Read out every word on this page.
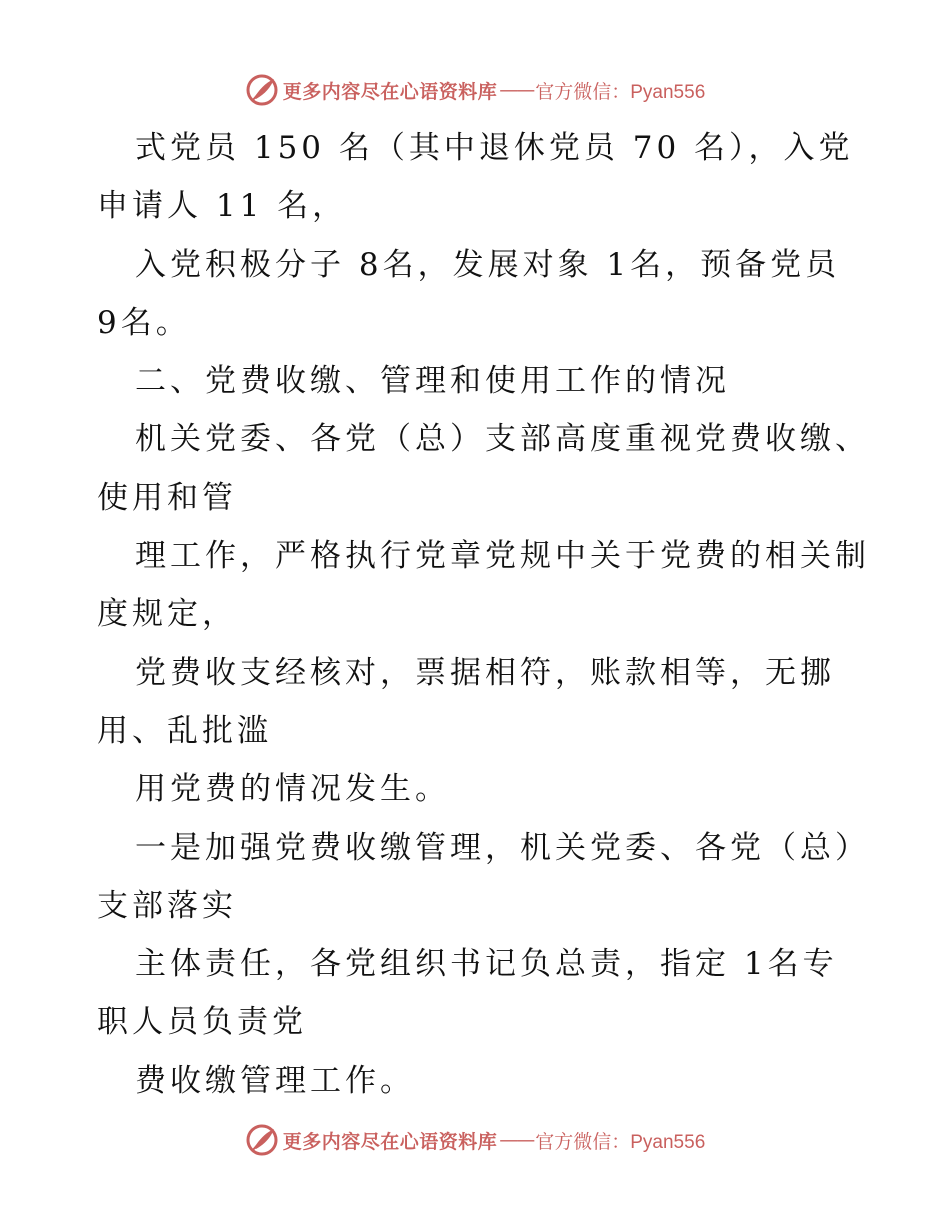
更多内容尽在心语资料库 —— 官方微信：Pyan556
式党员 150 名（其中退休党员 70 名），入党
申请人 11 名，
入党积极分子 8名，发展对象 1名，预备党员
9名。
二、党费收缴、管理和使用工作的情况
机关党委、各党（总）支部高度重视党费收缴、
使用和管
理工作，严格执行党章党规中关于党费的相关制
度规定，
党费收支经核对，票据相符，账款相等，无挪
用、乱批滥
用党费的情况发生。
一是加强党费收缴管理，机关党委、各党（总）
支部落实
主体责任，各党组织书记负总责，指定 1名专
职人员负责党
费收缴管理工作。
更多内容尽在心语资料库 —— 官方微信：Pyan556
